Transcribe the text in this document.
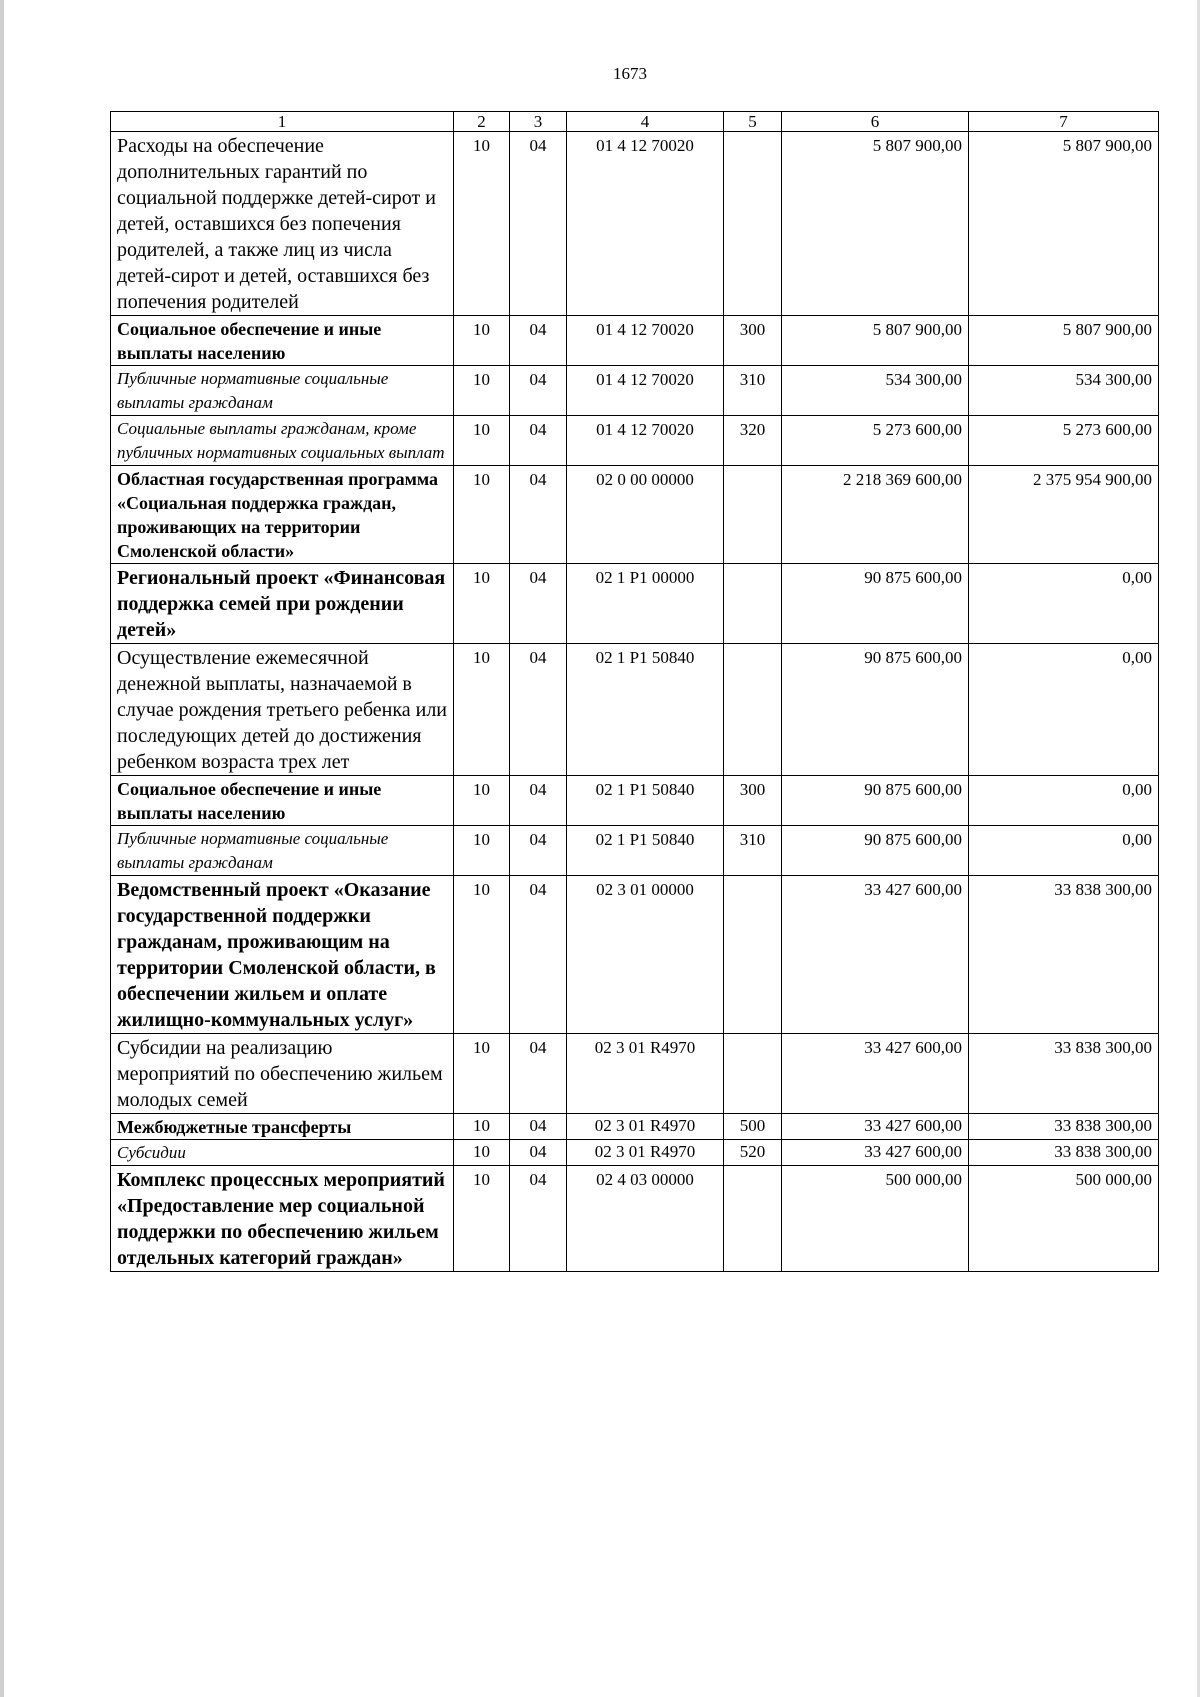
1673
1	2	3	4	5	6	7
Расходы на обеспечение дополнительных гарантий по социальной поддержке детей-сирот и детей, оставшихся без попечения родителей, а также лиц из числа детей-сирот и детей, оставшихся без попечения родителей	10	04	01 4 12 70020		5 807 900,00	5 807 900,00
Социальное обеспечение и иные выплаты населению	10	04	01 4 12 70020	300	5 807 900,00	5 807 900,00
Публичные нормативные социальные выплаты гражданам	10	04	01 4 12 70020	310	534 300,00	534 300,00
Социальные выплаты гражданам, кроме публичных нормативных социальных выплат	10	04	01 4 12 70020	320	5 273 600,00	5 273 600,00
Областная государственная программа «Социальная поддержка граждан, проживающих на территории Смоленской области»	10	04	02 0 00 00000		2 218 369 600,00	2 375 954 900,00
Региональный проект «Финансовая поддержка семей при рождении детей»	10	04	02 1 P1 00000		90 875 600,00	0,00
Осуществление ежемесячной денежной выплаты, назначаемой в случае рождения третьего ребенка или последующих детей до достижения ребенком возраста трех лет	10	04	02 1 P1 50840		90 875 600,00	0,00
Социальное обеспечение и иные выплаты населению	10	04	02 1 P1 50840	300	90 875 600,00	0,00
Публичные нормативные социальные выплаты гражданам	10	04	02 1 P1 50840	310	90 875 600,00	0,00
Ведомственный проект «Оказание государственной поддержки гражданам, проживающим на территории Смоленской области, в обеспечении жильем и оплате жилищно-коммунальных услуг»	10	04	02 3 01 00000		33 427 600,00	33 838 300,00
Субсидии на реализацию мероприятий по обеспечению жильем молодых семей	10	04	02 3 01 R4970		33 427 600,00	33 838 300,00
Межбюджетные трансферты	10	04	02 3 01 R4970	500	33 427 600,00	33 838 300,00
Субсидии	10	04	02 3 01 R4970	520	33 427 600,00	33 838 300,00
Комплекс процессных мероприятий «Предоставление мер социальной поддержки по обеспечению жильем отдельных категорий граждан»	10	04	02 4 03 00000		500 000,00	500 000,00
